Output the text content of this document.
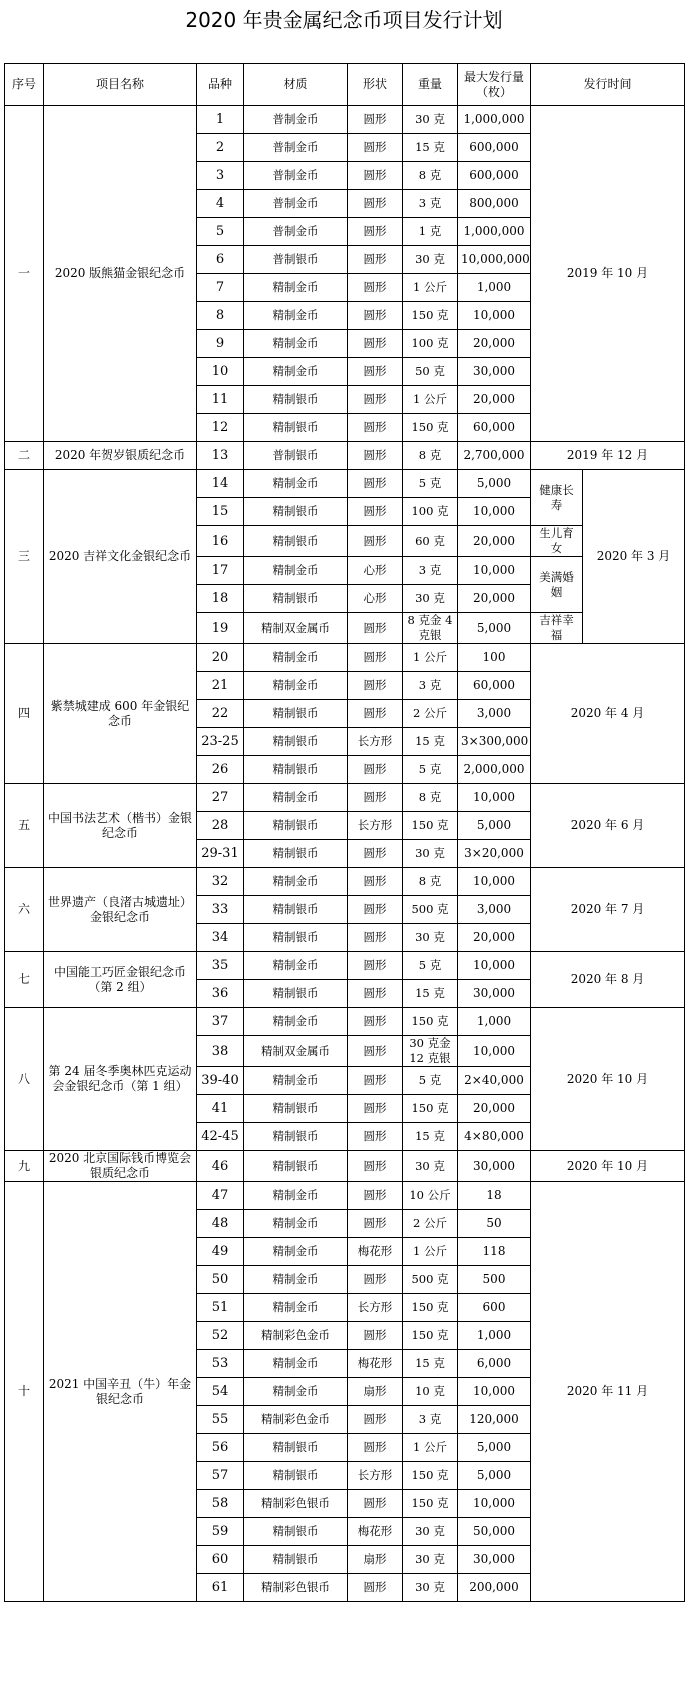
2020 年贵金属纪念币项目发行计划
序号	项目名称	品种	材质	形状	重量	最大发行量（枚）	发行时间	
一	2020 版熊猫金银纪念币	1	普制金币	圆形	30 克	1,000,000	2019 年 10 月	
		2	普制金币	圆形	15 克	600,000		
		3	普制金币	圆形	8 克	600,000		
		4	普制金币	圆形	3 克	800,000		
		5	普制金币	圆形	1 克	1,000,000		
		6	普制银币	圆形	30 克	10,000,000		
		7	精制金币	圆形	1 公斤	1,000		
		8	精制金币	圆形	150 克	10,000		
		9	精制金币	圆形	100 克	20,000		
		10	精制金币	圆形	50 克	30,000		
		11	精制银币	圆形	1 公斤	20,000		
		12	精制银币	圆形	150 克	60,000		
二	2020 年贺岁银质纪念币	13	普制银币	圆形	8 克	2,700,000	2019 年 12 月	
三	2020 吉祥文化金银纪念币	14	精制金币	圆形	5 克	5,000	健康长寿	2020 年 3 月
		15	精制银币	圆形	100 克	10,000		
		16	精制银币	圆形	60 克	20,000	生儿育女	
		17	精制金币	心形	3 克	10,000	美满婚姻	
		18	精制银币	心形	30 克	20,000		
		19	精制双金属币	圆形	8 克金 4 克银	5,000	吉祥幸福	
四	紫禁城建成 600 年金银纪念币	20	精制金币	圆形	1 公斤	100	2020 年 4 月	
		21	精制金币	圆形	3 克	60,000		
		22	精制银币	圆形	2 公斤	3,000		
		23-25	精制银币	长方形	15 克	3×300,000		
		26	精制银币	圆形	5 克	2,000,000		
五	中国书法艺术（楷书）金银纪念币	27	精制金币	圆形	8 克	10,000	2020 年 6 月	
		28	精制银币	长方形	150 克	5,000		
		29-31	精制银币	圆形	30 克	3×20,000		
六	世界遗产（良渚古城遗址）金银纪念币	32	精制金币	圆形	8 克	10,000	2020 年 7 月	
		33	精制银币	圆形	500 克	3,000		
		34	精制银币	圆形	30 克	20,000		
七	中国能工巧匠金银纪念币（第 2 组）	35	精制金币	圆形	5 克	10,000	2020 年 8 月	
		36	精制银币	圆形	15 克	30,000		
八	第 24 届冬季奥林匹克运动会金银纪念币（第 1 组）	37	精制金币	圆形	150 克	1,000	2020 年 10 月	
		38	精制双金属币	圆形	30 克金 12 克银	10,000		
		39-40	精制金币	圆形	5 克	2×40,000		
		41	精制银币	圆形	150 克	20,000		
		42-45	精制银币	圆形	15 克	4×80,000		
九	2020 北京国际钱币博览会银质纪念币	46	精制银币	圆形	30 克	30,000	2020 年 10 月	
十	2021 中国辛丑（牛）年金银纪念币	47	精制金币	圆形	10 公斤	18	2020 年 11 月	
		48	精制金币	圆形	2 公斤	50		
		49	精制金币	梅花形	1 公斤	118		
		50	精制金币	圆形	500 克	500		
		51	精制金币	长方形	150 克	600		
		52	精制彩色金币	圆形	150 克	1,000		
		53	精制金币	梅花形	15 克	6,000		
		54	精制金币	扇形	10 克	10,000		
		55	精制彩色金币	圆形	3 克	120,000		
		56	精制银币	圆形	1 公斤	5,000		
		57	精制银币	长方形	150 克	5,000		
		58	精制彩色银币	圆形	150 克	10,000		
		59	精制银币	梅花形	30 克	50,000		
		60	精制银币	扇形	30 克	30,000		
		61	精制彩色银币	圆形	30 克	200,000		
